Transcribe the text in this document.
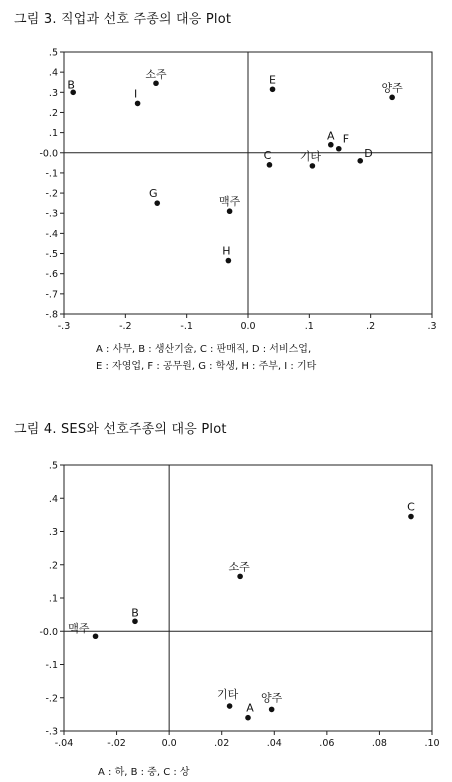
그림 3. 직업과 선호 주종의 대응 Plot
.5
.4
.3
.2
.1
-0.0
-.1
-.2
-.3
-.4
-.5
-.6
-.7
-.8
-.3	-.2	-.1	0.0	.1	.2	.3
B
소주
I
E
양주
A F
C	기타	D
G
맥주
H
A : 사무, B : 생산기술, C : 판매직, D : 서비스업,
E : 자영업, F : 공무원, G : 학생, H : 주부, I : 기타
그림 4. SES와 선호주종의 대응 Plot
.5
.4
.3
.2
.1
-0.0
-.1
-.2
-.3
-.04	-.02	0.0	.02	.04	.06	.08	.10
C
소주
B
맥주
기타
A
양주
A : 하, B : 중, C : 상
